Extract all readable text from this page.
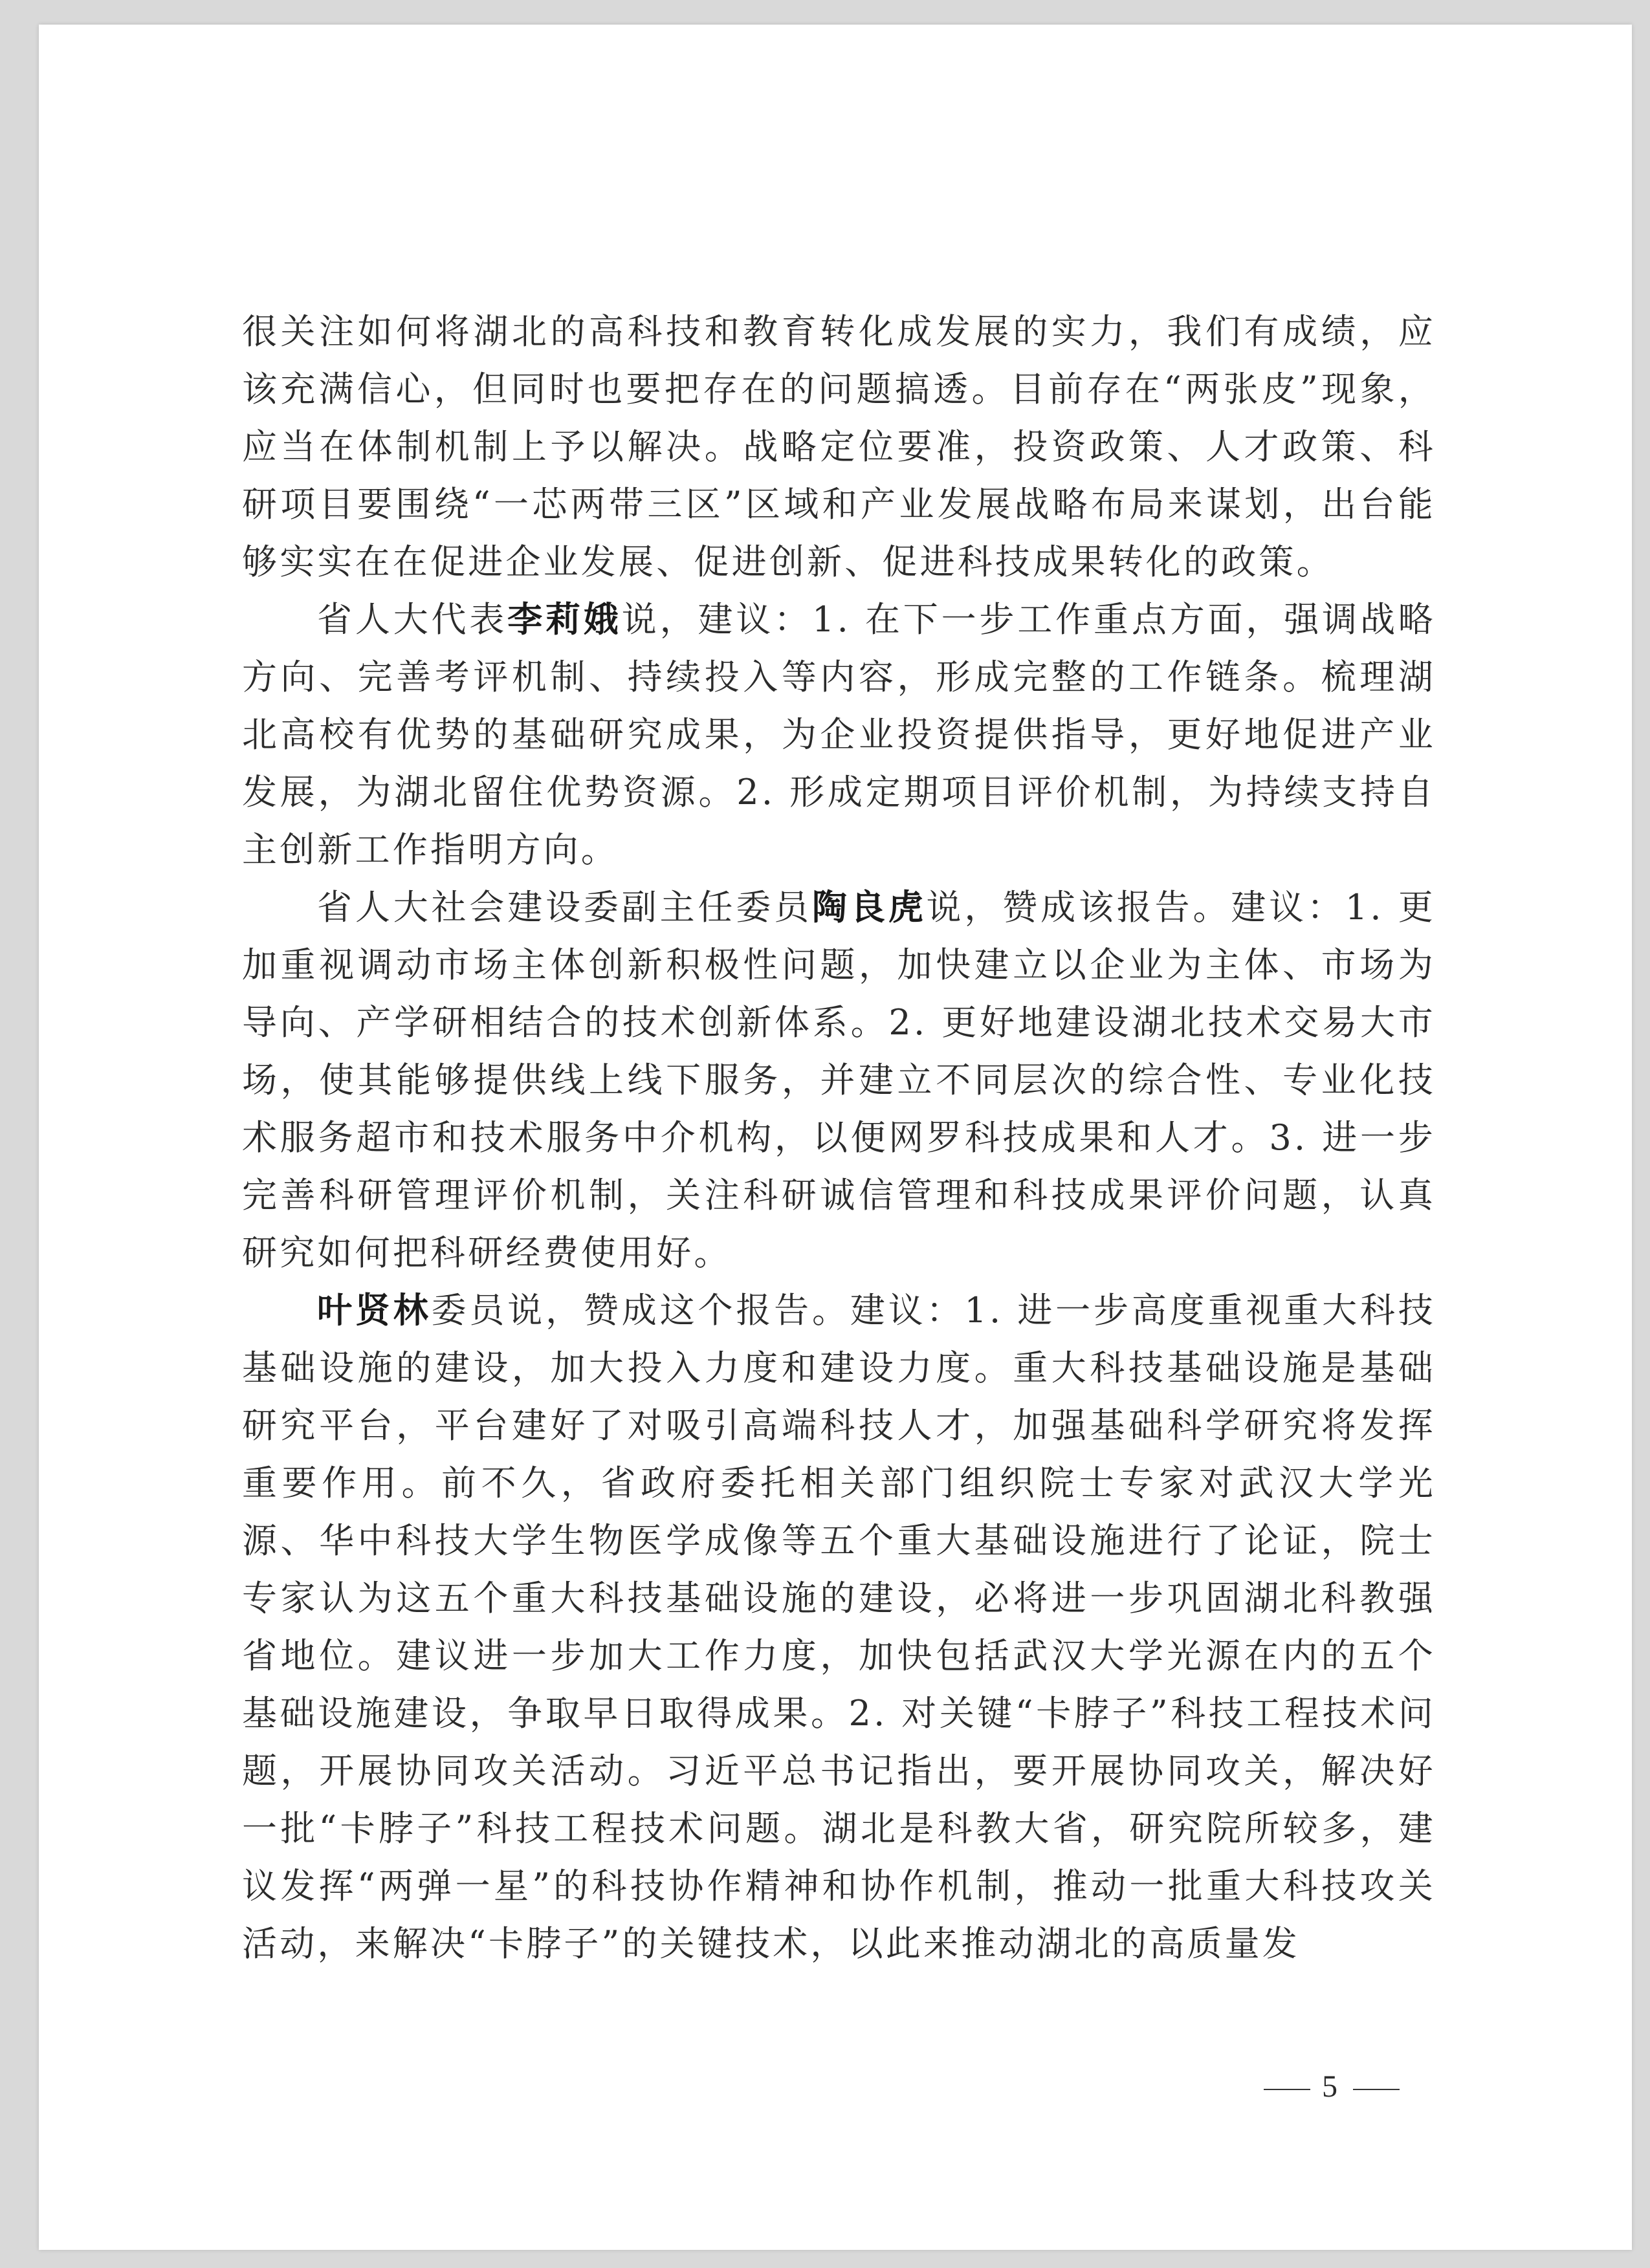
很关注如何将湖北的高科技和教育转化成发展的实力，我们有成绩，应该充满信心，但同时也要把存在的问题搞透。目前存在“两张皮”现象，应当在体制机制上予以解决。战略定位要准，投资政策、人才政策、科研项目要围绕“一芯两带三区”区域和产业发展战略布局来谋划，出台能够实实在在促进企业发展、促进创新、促进科技成果转化的政策。

省人大代表李莉娥说，建议：1. 在下一步工作重点方面，强调战略方向、完善考评机制、持续投入等内容，形成完整的工作链条。梳理湖北高校有优势的基础研究成果，为企业投资提供指导，更好地促进产业发展，为湖北留住优势资源。2. 形成定期项目评价机制，为持续支持自主创新工作指明方向。

省人大社会建设委副主任委员陶良虎说，赞成该报告。建议：1. 更加重视调动市场主体创新积极性问题，加快建立以企业为主体、市场为导向、产学研相结合的技术创新体系。2. 更好地建设湖北技术交易大市场，使其能够提供线上线下服务，并建立不同层次的综合性、专业化技术服务超市和技术服务中介机构，以便网罗科技成果和人才。3. 进一步完善科研管理评价机制，关注科研诚信管理和科技成果评价问题，认真研究如何把科研经费使用好。

叶贤林委员说，赞成这个报告。建议：1. 进一步高度重视重大科技基础设施的建设，加大投入力度和建设力度。重大科技基础设施是基础研究平台，平台建好了对吸引高端科技人才，加强基础科学研究将发挥重要作用。前不久，省政府委托相关部门组织院士专家对武汉大学光源、华中科技大学生物医学成像等五个重大基础设施进行了论证，院士专家认为这五个重大科技基础设施的建设，必将进一步巩固湖北科教强省地位。建议进一步加大工作力度，加快包括武汉大学光源在内的五个基础设施建设，争取早日取得成果。2. 对关键“卡脖子”科技工程技术问题，开展协同攻关活动。习近平总书记指出，要开展协同攻关，解决好一批“卡脖子”科技工程技术问题。湖北是科教大省，研究院所较多，建议发挥“两弹一星”的科技协作精神和协作机制，推动一批重大科技攻关活动，来解决“卡脖子”的关键技术，以此来推动湖北的高质量发

5
